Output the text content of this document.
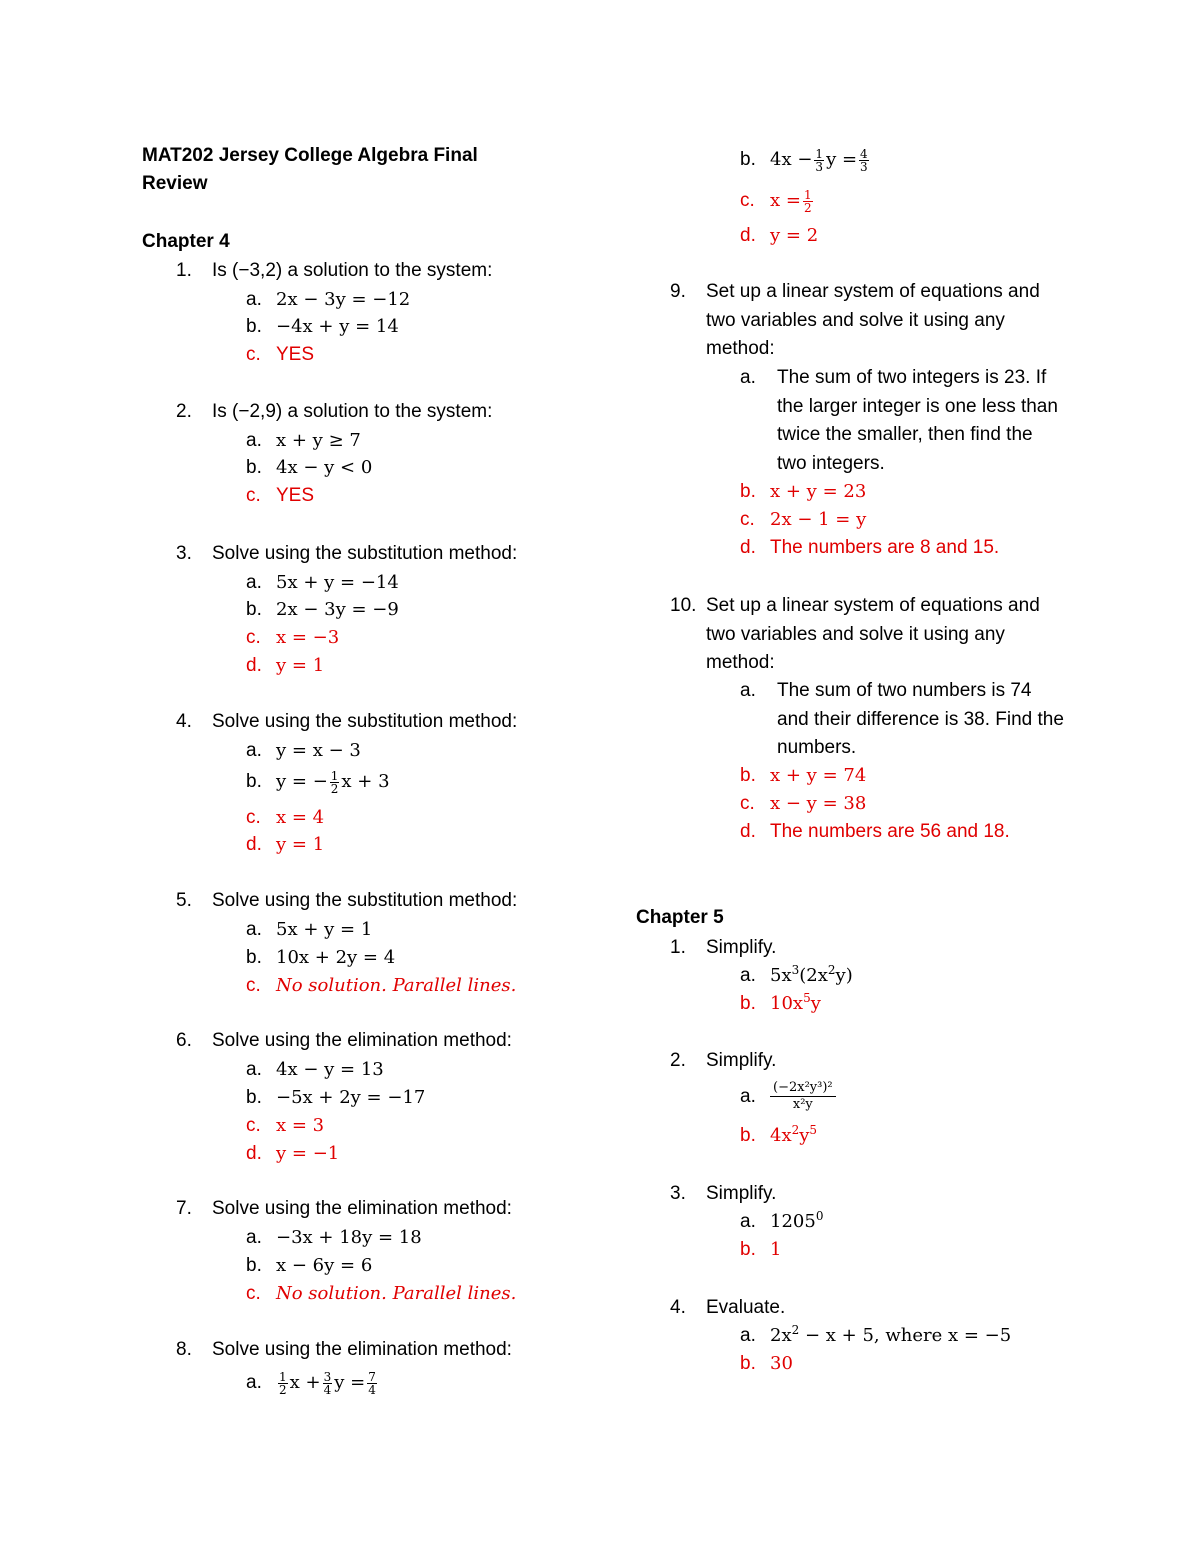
MAT202 Jersey College Algebra Final
Review
Chapter 4
1.	Is (−3,2) a solution to the system:
a. 2x − 3y = −12
b. −4x + y = 14
c. YES
2.	Is (−2,9) a solution to the system:
a. x + y ≥ 7
b. 4x − y < 0
c. YES
3.	Solve using the substitution method:
a. 5x + y = −14
b. 2x − 3y = −9
c. x = −3
d. y = 1
4.	Solve using the substitution method:
a. y = x − 3
b. y = − $\frac{1}{2}$ x + 3
c. x = 4
d. y = 1
5.	Solve using the substitution method:
a. 5x + y = 1
b. 10x + 2y = 4
c. No solution. Parallel lines.
6.	Solve using the elimination method:
a. 4x − y = 13
b. −5x + 2y = −17
c. x = 3
d. y = −1
7.	Solve using the elimination method:
a. −3x + 18y = 18
b. x − 6y = 6
c. No solution. Parallel lines.
8.	Solve using the elimination method:
a. $\frac{1}{2}$ $x + \frac{3}{4}$ $y = \frac{7}{4}$
b. $4x - \frac{1}{3}$ $y = \frac{4}{3}$
c. $x = \frac{1}{2}$
d. y = 2
9.	Set up a linear system of equations and two variables and solve it using any method:
a.	The sum of two integers is 23. If the larger integer is one less than twice the smaller, then find the two integers.
b. x + y = 23
c. 2x − 1 = y
d. The numbers are 8 and 15.
10. Set up a linear system of equations and two variables and solve it using any method:
a.	The sum of two numbers is 74 and their difference is 38. Find the numbers.
b. x + y = 74
c. x − y = 38
d. The numbers are 56 and 18.
Chapter 5
1.	Simplify.
a. $5x^3(2x^2y)$
b. $10x^5y$
2.	Simplify.
a. $\frac{\text{(−2x²y³)²}}{\text{x²y}}$
b. $4x^2y^5$
3.	Simplify.
a. 1205$^0$
b. 1
4.	Evaluate.
a. $2x^2 - x + 5$, where x = −5
b. 30
